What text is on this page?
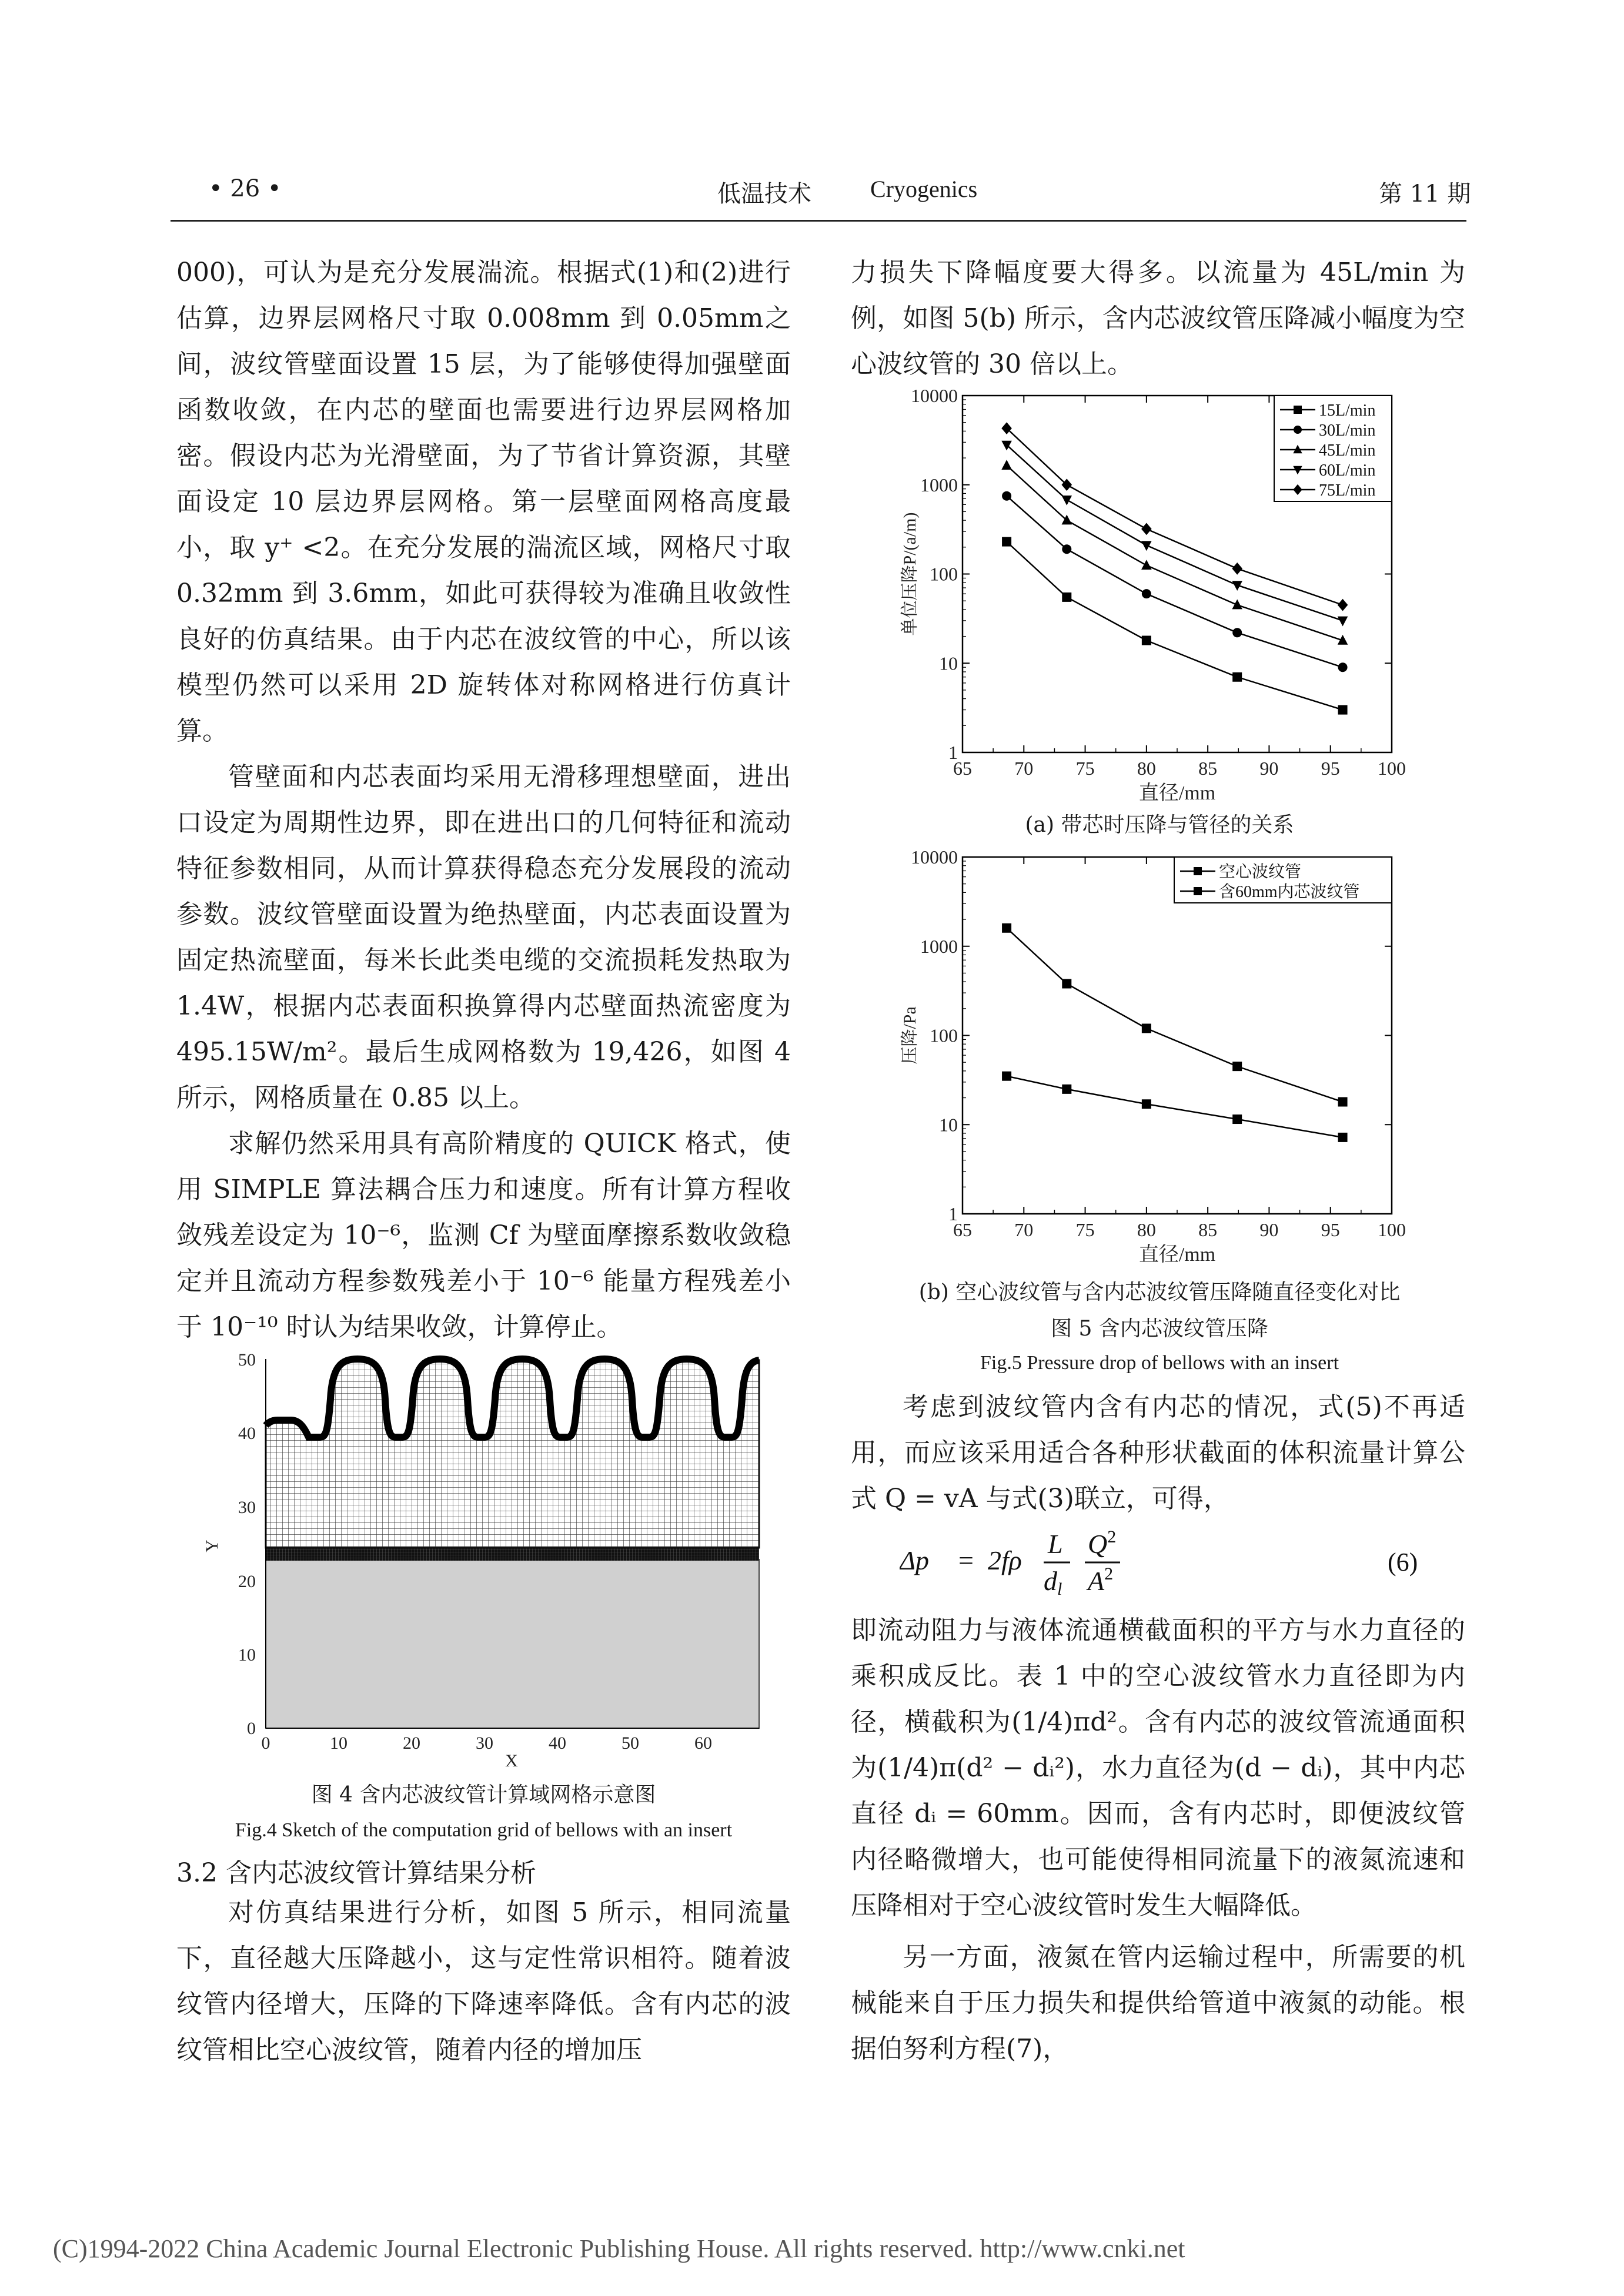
• 26 •	低温技术	Cryogenics	第 11 期

000)，可认为是充分发展湍流。根据式(1)和(2)进行估算，边界层网格尺寸取 0.008mm 到 0.05mm之间，波纹管壁面设置 15 层，为了能够使得加强壁面函数收敛，在内芯的壁面也需要进行边界层网格加密。假设内芯为光滑壁面，为了节省计算资源，其壁面设定 10 层边界层网格。第一层壁面网格高度最小，取 y⁺ <2。在充分发展的湍流区域，网格尺寸取 0.32mm 到 3.6mm，如此可获得较为准确且收敛性良好的仿真结果。由于内芯在波纹管的中心，所以该模型仍然可以采用 2D 旋转体对称网格进行仿真计算。

管壁面和内芯表面均采用无滑移理想壁面，进出口设定为周期性边界，即在进出口的几何特征和流动特征参数相同，从而计算获得稳态充分发展段的流动参数。波纹管壁面设置为绝热壁面，内芯表面设置为固定热流壁面，每米长此类电缆的交流损耗发热取为 1.4W，根据内芯表面积换算得内芯壁面热流密度为 495.15W/m²。最后生成网格数为 19,426，如图 4 所示，网格质量在 0.85 以上。

求解仍然采用具有高阶精度的 QUICK 格式，使用 SIMPLE 算法耦合压力和速度。所有计算方程收敛残差设定为 10⁻⁶，监测 Cf 为壁面摩擦系数收敛稳定并且流动方程参数残差小于 10⁻⁶ 能量方程残差小于 10⁻¹⁰ 时认为结果收敛，计算停止。

0
10
20
30
40
50
0	10	20	30	40	50	60
X
Y
图 4 含内芯波纹管计算域网格示意图
Fig.4 Sketch of the computation grid of bellows with an insert
3.2 含内芯波纹管计算结果分析

对仿真结果进行分析，如图 5 所示，相同流量下，直径越大压降越小，这与定性常识相符。随着波纹管内径增大，压降的下降速率降低。含有内芯的波纹管相比空心波纹管，随着内径的增加压

力损失下降幅度要大得多。以流量为 45L/min 为例，如图 5(b) 所示，含内芯波纹管压降减小幅度为空心波纹管的 30 倍以上。

65 70 75 80 85 90 95 100
1
10
100
1000
10000
直径/mm
单位压降P/(a/m)
15L/min
30L/min
45L/min
60L/min
75L/min
(a) 带芯时压降与管径的关系
65 70 75 80 85 90 95 100
1
10
100
1000
10000
直径/mm
压降/Pa
空心波纹管
含60mm内芯波纹管
(b) 空心波纹管与含内芯波纹管压降随直径变化对比
图 5 含内芯波纹管压降
Fig.5 Pressure drop of bellows with an insert

考虑到波纹管内含有内芯的情况，式(5)不再适用，而应该采用适合各种形状截面的体积流量计算公式 Q = vA 与式(3)联立，可得，

Δp = 2fρ
L
dl
$Q^2$
$A^2$	(6)

即流动阻力与液体流通横截面积的平方与水力直径的乘积成反比。表 1 中的空心波纹管水力直径即为内径，横截积为(1/4)πd²。含有内芯的波纹管流通面积为(1/4)π(d² − dᵢ²)，水力直径为(d − dᵢ)，其中内芯直径 dᵢ = 60mm。因而，含有内芯时，即便波纹管内径略微增大，也可能使得相同流量下的液氮流速和压降相对于空心波纹管时发生大幅降低。

另一方面，液氮在管内运输过程中，所需要的机械能来自于压力损失和提供给管道中液氮的动能。根据伯努利方程(7)，

(C)1994-2022 China Academic Journal Electronic Publishing House. All rights reserved. http://www.cnki.net
